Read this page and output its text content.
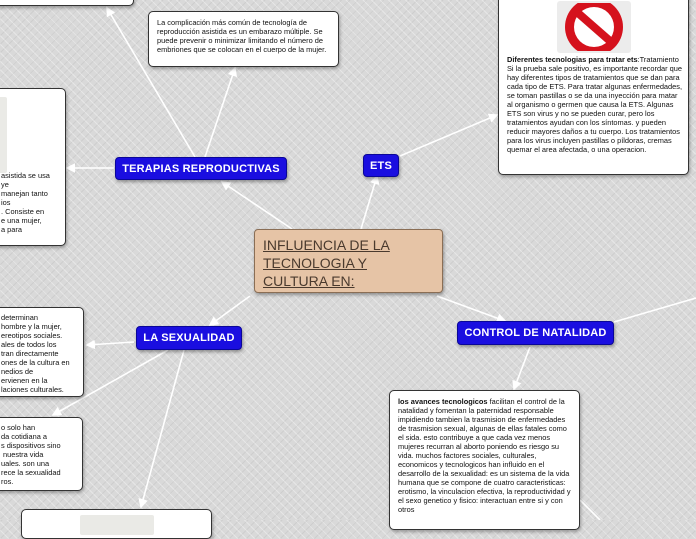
La complicación más común de tecnología de reproducción asistida es un embarazo múltiple. Se puede prevenir o minimizar limitando el número de embriones que se colocan en el cuerpo de la mujer.
asistida se usa
ye
manejan tanto
ios
. Consiste en
e una mujer,
a para
Diferentes tecnologias para tratar ets:Tratamiento Si la prueba sale positivo, es importante recordar que hay diferentes tipos de tratamientos que se dan para cada tipo de ETS. Para tratar algunas enfermedades, se toman pastillas o se da una inyección para matar al organismo o germen que causa la ETS. Algunas ETS son virus y no se pueden curar, pero los tratamientos ayudan con los síntomas. y pueden reducir mayores daños a tu cuerpo. Los tratamientos para los virus incluyen pastillas o píldoras, cremas quemar el area afectada, o una operacion.
INFLUENCIA DE LA
TECNOLOGIA Y
CULTURA EN:
TERAPIAS REPRODUCTIVAS	ETS
LA SEXUALIDAD	CONTROL DE NATALIDAD
determinan
hombre y la mujer,
ereotipos sociales.
ales de todos los
tran directamente
ones de la cultura en
nedios de
ervienen en la
laciones culturales.
o solo han
da cotidiana a
s dispositivos sino
nuestra vida
uales. son una
rece la sexualidad
ros.
los avances tecnologicos facilitan el control de la natalidad y fomentan la paternidad responsable impidiendo tambien la trasmision de enfermedades de trasmision sexual, algunas de ellas fatales como el sida. esto contribuye a que cada vez menos mujeres recurran al aborto poniendo es riesgo su vida. muchos factores sociales, culturales, economicos y tecnologicos han influido en el desarrollo de la sexualidad: es un sistema de la vida humana que se compone de cuatro caracteristicas: erotismo, la vinculacion efectiva, la reproductividad y el sexo genetico y fisico: interactuan entre si y con otros
